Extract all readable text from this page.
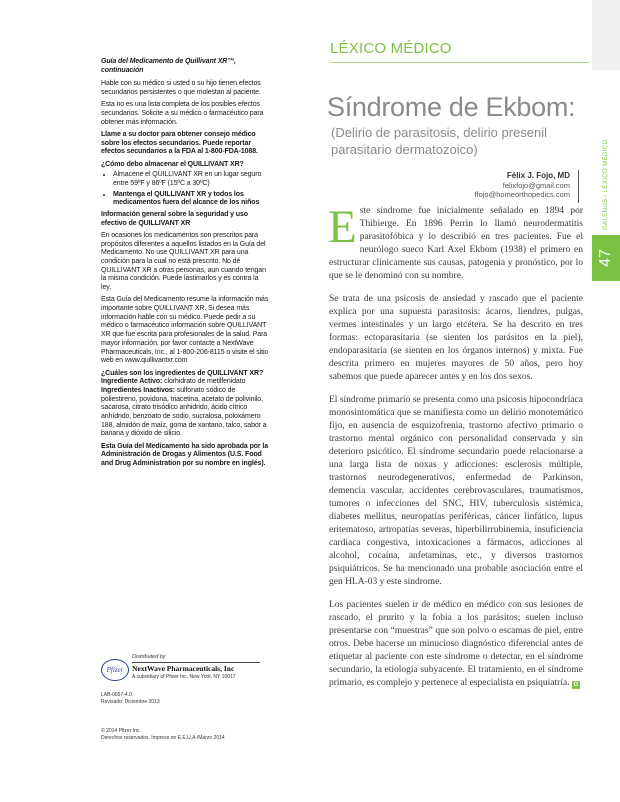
Guía del Medicamento de Quillivant XR™, continuación

Hable con su médico si usted o su hijo tienen efectos secundarios persistentes o que molestan al paciente.

Esta no es una lista completa de los posibles efectos secundarios. Solicite a su médico o farmacéutico para obtener más información.

Llame a su doctor para obtener consejo médico sobre los efectos secundarios. Puede reportar efectos secundarios a la FDA al 1-800-FDA-1088.

¿Cómo debo almacenar el QUILLIVANT XR?

• Almacene el QUILLIVANT XR en un lugar seguro entre 59ºF y 86ºF (15ºC a 30ºC)
• Mantenga el QUILLIVANT XR y todos los medicamentos fuera del alcance de los niños

Información general sobre la seguridad y uso efectivo de QUILLIVANT XR

En ocasiones los medicamentos son prescritos para propósitos diferentes a aquellos listados en la Guía del Medicamento. No use QUILLIVANT XR para una condición para la cual no está prescrito. No dé QUILLIVANT XR a otras personas, aun cuando tengan la misma condición. Puede lastimarlos y es contra la ley.

Esta Guía del Medicamento resume la información más importante sobre QUILLIVANT XR. Si desea más información hable con su médico. Puede pedir a su médico o farmacéutico información sobre QUILLIVANT XR que fue escrita para profesionales de la salud. Para mayor información, por favor contacte a NextWave Pharmaceuticals, Inc., al 1-800-206-8115 o visite el sitio web en www.quillivantxr.com

¿Cuáles son los ingredientes de QUILLIVANT XR?

Ingrediente Activo: clorhidrato de metilfenidato

Ingredientes Inactivos: sulfonato sódico de poliestireno, povidona, triacetina, acetato de polivinilo, sacarosa, citrato trisódico anhidrido, ácido cítrico anhídrido, benzoato de sodio, sucralosa, poloxámero 188, almidón de maíz, goma de xantano, talco, sabor a banana y dióxido de silicio.

Esta Guía del Medicamento ha sido aprobada por la Administración de Drogas y Alimentos (U.S. Food and Drug Administration por su nombre en inglés).

Pfizer
Distributed by
NextWave Pharmaceuticals, Inc
A subsidiary of Pfizer Inc, New York, NY 10017
LAB-0657-4.0
Revisado: Diciembre 2013
© 2014 Pfizer Inc.
Derechos reservados. Impreso en E.E.U.A./Marzo 2014
LÉXICO MÉDICO
Síndrome de Ekbom:
(Delirio de parasitosis, delirio presenil parasitario dermatozoico)
Félix J. Fojo, MD
felixfojo@gmail.com
ffojo@homeorthopedics.com

Este síndrome fue inicialmente señalado en 1894 por Thibierge. En 1896 Perrin lo llamó neurodermatitis parasitofóbica y lo describió en tres pacientes. Fue el neurólogo sueco Karl Axel Ekbom (1938) el primero en estructurar clínicamente sus causas, patogenia y pronóstico, por lo que se le denominó con su nombre.

Se trata de una psicosis de ansiedad y rascado que el paciente explica por una supuesta parasitosis: ácaros, liendres, pulgas, vermes intestinales y un largo etcétera. Se ha descrito en tres formas: ectoparasitaria (se sienten los parásitos en la piel), endoparasitaria (se sienten en los órganos internos) y mixta. Fue descrita primero en mujeres mayores de 50 años, pero hoy sabemos que puede aparecer antes y en los dos sexos.

El síndrome primario se presenta como una psicosis hipocondríaca monosintomática que se manifiesta como un delirio monotemático fijo, en ausencia de esquizofrenia, trastorno afectivo primario o trastorno mental orgánico con personalidad conservada y sin deterioro psicótico. El síndrome secundario puede relacionarse a una larga lista de noxas y adicciones: esclerosis múltiple, trastornos neurodegenerativos, enfermedad de Parkinson, demencia vascular, accidentes cerebrovasculares, traumatismos, tumores o infecciones del SNC, HIV, tuberculosis sistémica, diabetes mellitus, neuropatías periféricas, cáncer linfático, lupus eritematoso, artropatías severas, hiperbilirrubinemia, insuficiencia cardiaca congestiva, intoxicaciones a fármacos, adicciones al alcohol, cocaína, anfetaminas, etc., y diversos trastornos psiquiátricos. Se ha mencionado una probable asociación entre el gen HLA-03 y este síndrome.

Los pacientes suelen ir de médico en médico con sus lesiones de rascado, el prurito y la fobia a los parásitos; suelen incluso presentarse con “muestras” que son polvo o escamas de piel, entre otros. Debe hacerse un minucioso diagnóstico diferencial antes de etiquetar al paciente con este síndrome o detectar, en el síndrome secundario, la etiología subyacente. El tratamiento, en el síndrome primario, es complejo y pertenece al especialista en psiquiatría. G

GALENUS / LÉXICO MÉDICO
47
